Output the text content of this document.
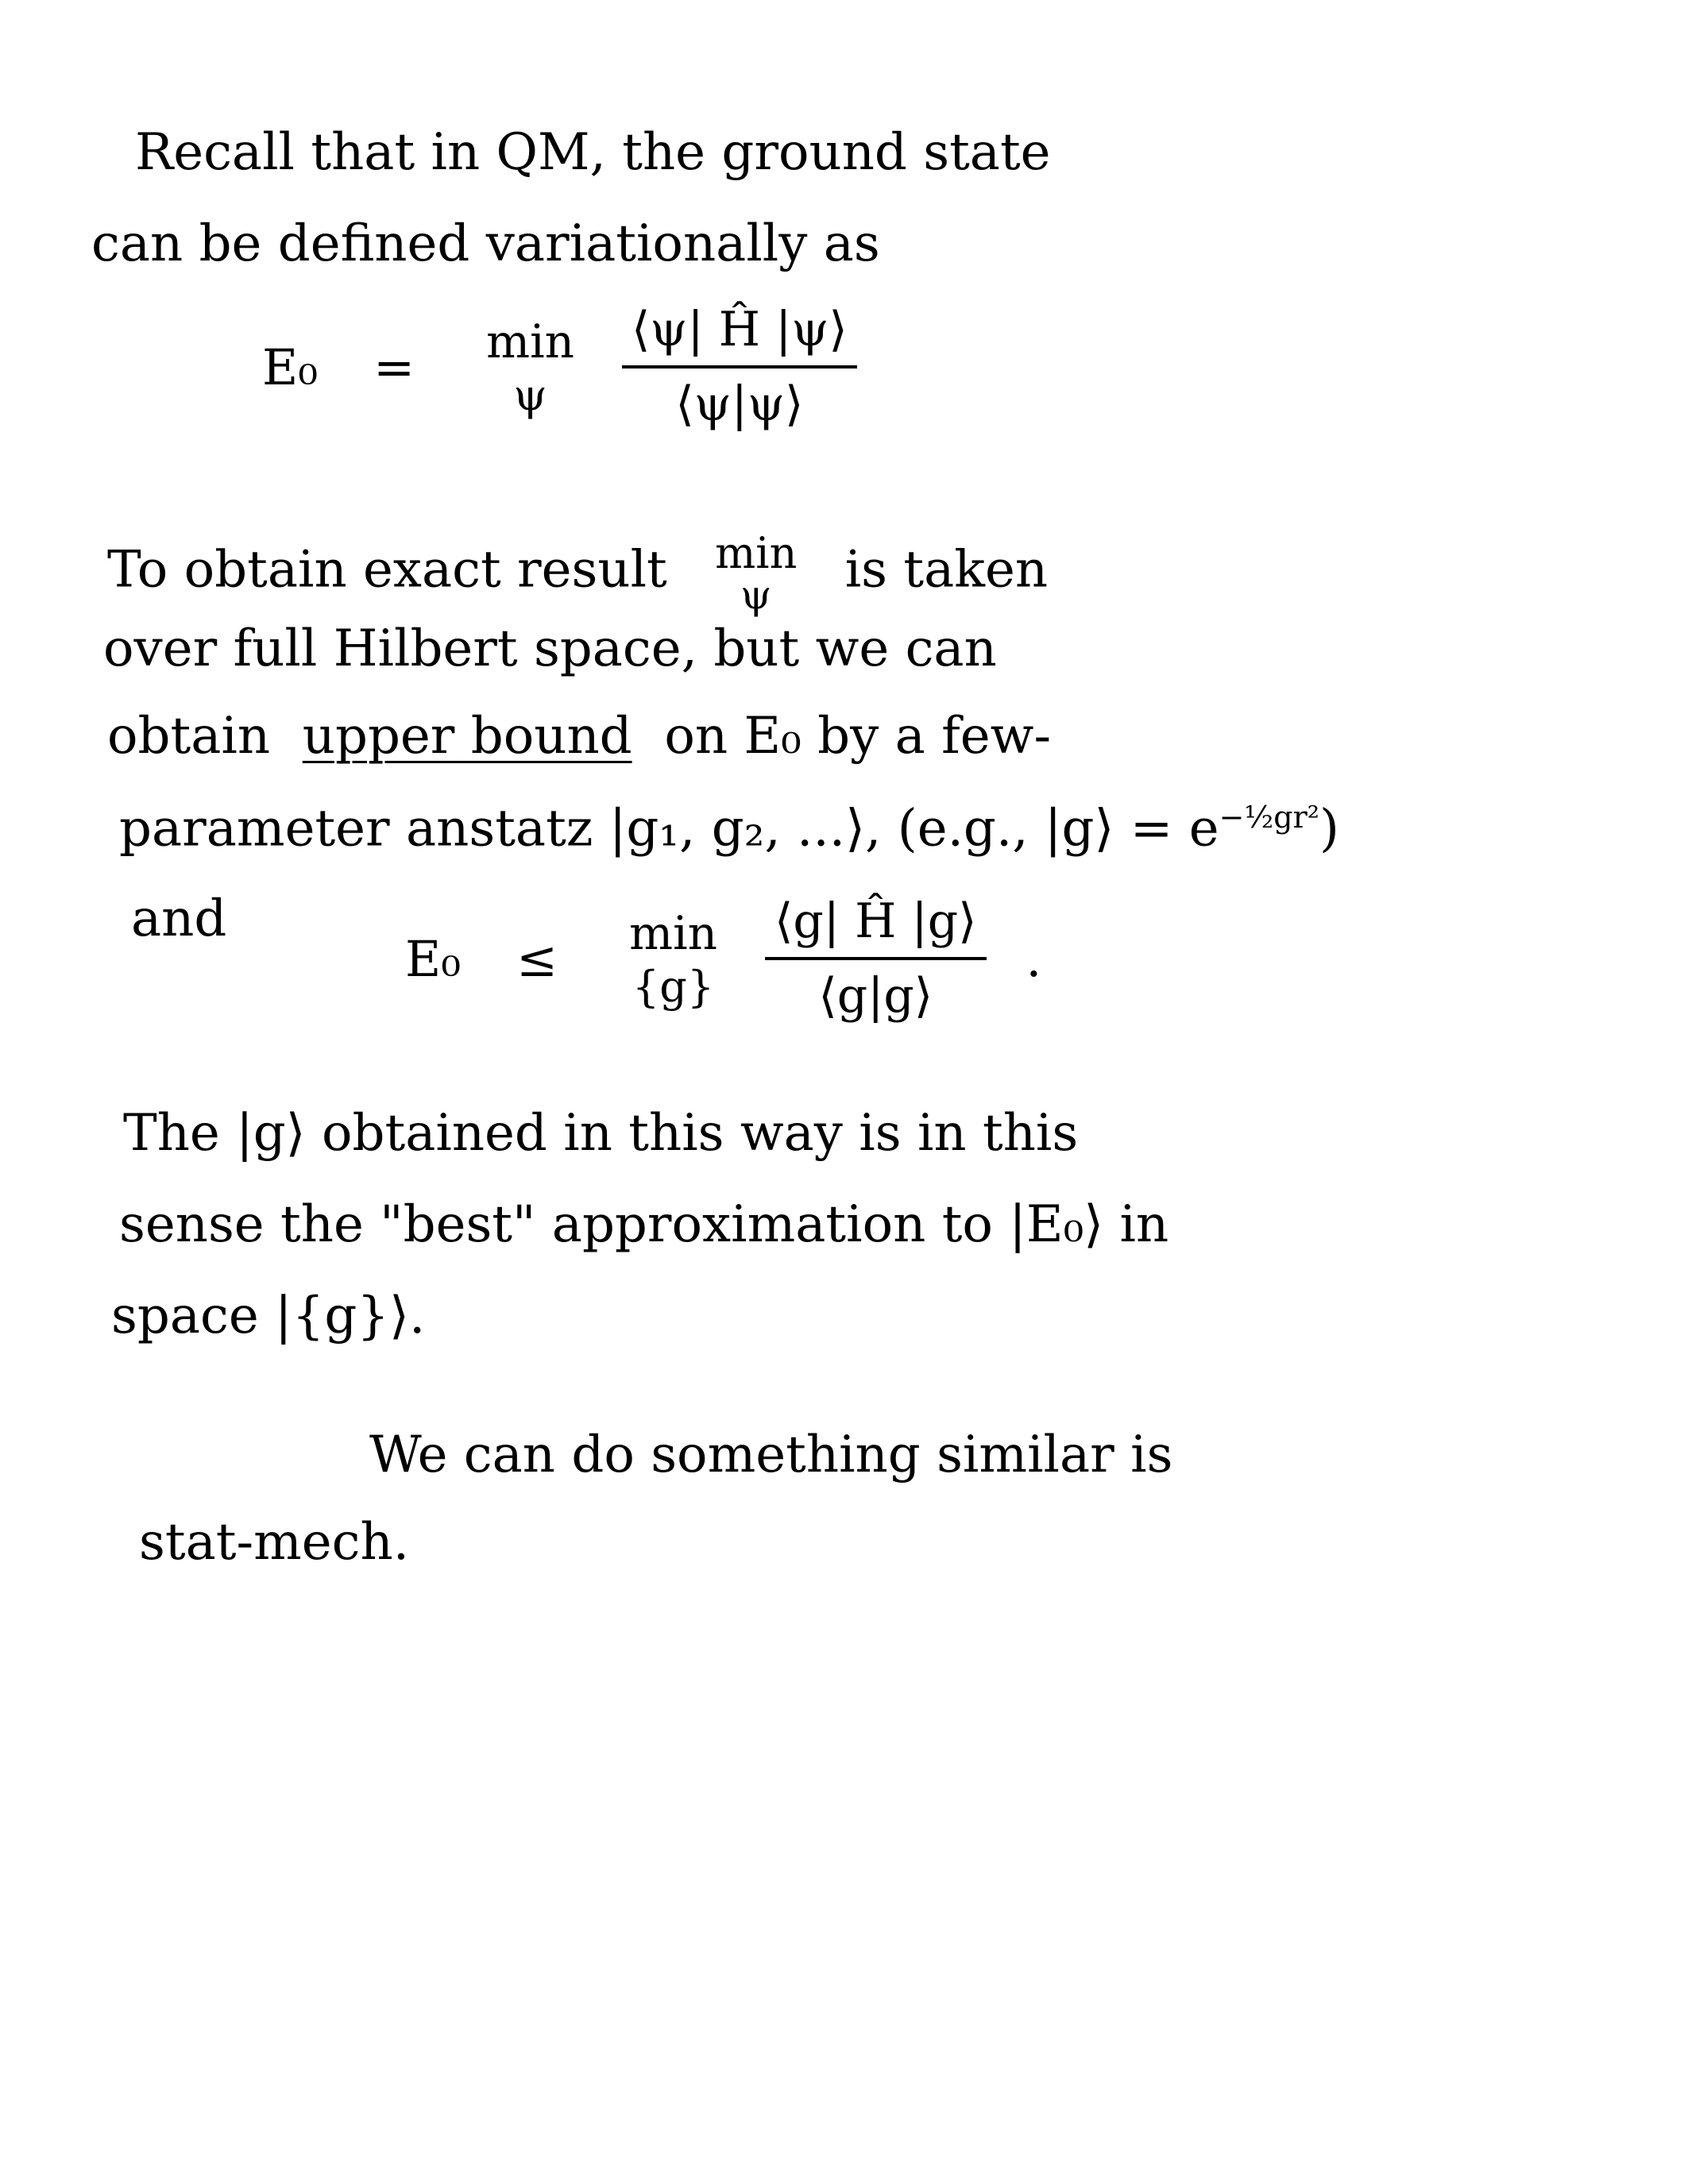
Recall that in QM, the ground state
can be defined variationally as
E₀ = min
ψ $\frac{⟨\psi| Ĥ |\psi⟩}{⟨\psi|\psi⟩}$
To obtain exact result min
ψ is taken
over full Hilbert space, but we can
obtain upper bound on E₀ by a few-
parameter anstatz |g₁, g₂, ...⟩, (e.g., |g⟩ = $e^{-\frac{1}{2}gr^2}$)
and
E₀ ≤ min
$\{g\} \frac{⟨g| Ĥ |g⟩}{⟨g|g⟩}$ .
The |g⟩ obtained in this way is in this
sense the "best" approximation to |E₀⟩ in
space |{g}⟩.
We can do something similar is
stat-mech.
